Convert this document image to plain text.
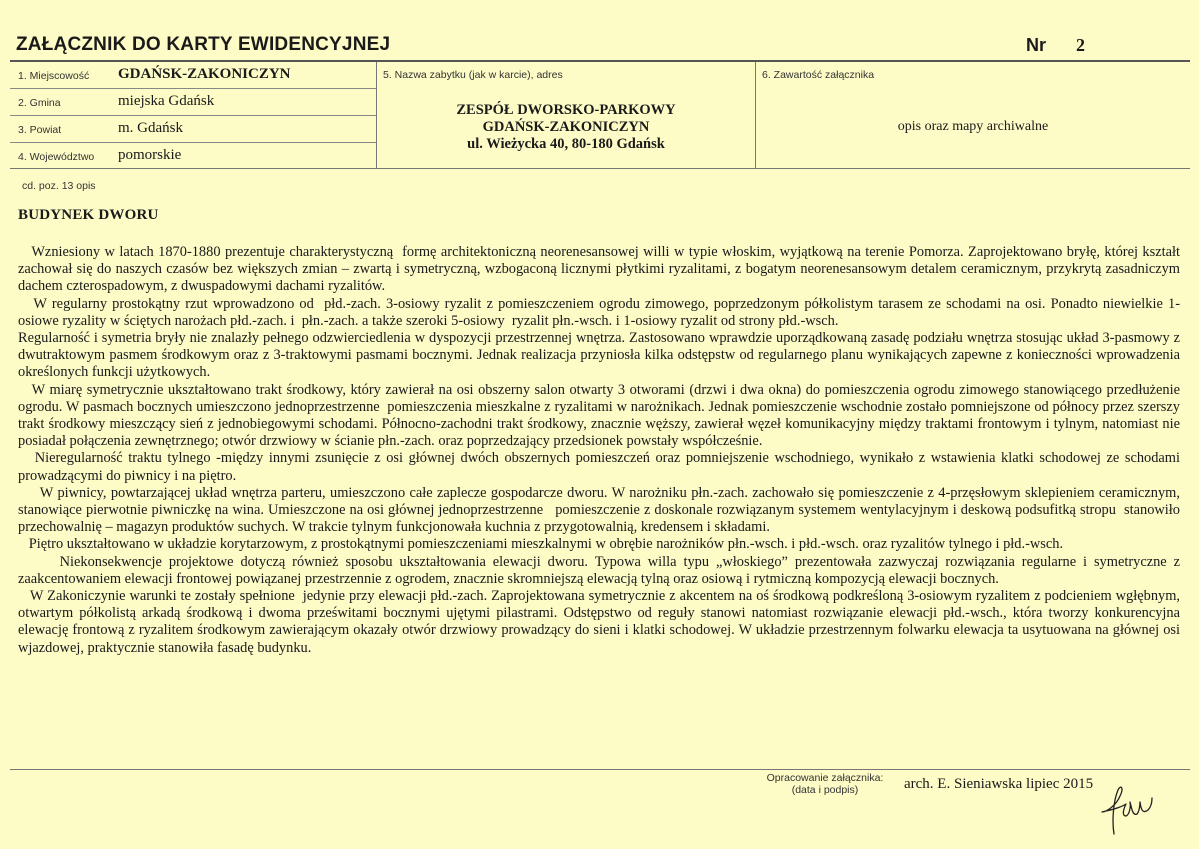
ZAŁĄCZNIK DO KARTY EWIDENCYJNEJ	Nr 2
1. Miejscowość GDAŃSK-ZAKONICZYN
2. Gmina	miejska Gdańsk
3. Powiat	m. Gdańsk
4. Województwo pomorskie
5. Nazwa zabytku (jak w karcie), adres
ZESPÓŁ DWORSKO-PARKOWY
GDAŃSK-ZAKONICZYN
ul. Wieżycka 40, 80-180 Gdańsk
6. Zawartość załącznika
opis oraz mapy archiwalne
cd. poz. 13 opis
BUDYNEK DWORU

Wzniesiony w latach 1870-1880 prezentuje charakterystyczną  formę architektoniczną neorenesansowej willi w typie włoskim, wyjątkową na terenie Pomorza. Zaprojektowano bryłę, której kształt zachował się do naszych czasów bez większych zmian – zwartą i symetryczną, wzbogaconą licznymi płytkimi ryzalitami, z bogatym neorenesansowym detalem ceramicznym, przykrytą zasadniczym dachem czterospadowym, z dwuspadowymi dachami ryzalitów.

W regularny prostokątny rzut wprowadzono od  płd.-zach. 3-osiowy ryzalit z pomieszczeniem ogrodu zimowego, poprzedzonym półkolistym tarasem ze schodami na osi. Ponadto niewielkie 1-osiowe ryzality w ściętych narożach płd.-zach. i  płn.-zach. a także szeroki 5-osiowy  ryzalit płn.-wsch. i 1-osiowy ryzalit od strony płd.-wsch.

Regularność i symetria bryły nie znalazły pełnego odzwierciedlenia w dyspozycji przestrzennej wnętrza. Zastosowano wprawdzie uporządkowaną zasadę podziału wnętrza stosując układ 3-pasmowy z dwutraktowym pasmem środkowym oraz z 3-traktowymi pasmami bocznymi. Jednak realizacja przyniosła kilka odstępstw od regularnego planu wynikających zapewne z konieczności wprowadzenia określonych funkcji użytkowych.

W miarę symetrycznie ukształtowano trakt środkowy, który zawierał na osi obszerny salon otwarty 3 otworami (drzwi i dwa okna) do pomieszczenia ogrodu zimowego stanowiącego przedłużenie ogrodu. W pasmach bocznych umieszczono jednoprzestrzenne  pomieszczenia mieszkalne z ryzalitami w narożnikach. Jednak pomieszczenie wschodnie zostało pomniejszone od północy przez szerszy trakt środkowy mieszczący sień z jednobiegowymi schodami. Północno-zachodni trakt środkowy, znacznie węższy, zawierał węzeł komunikacyjny między traktami frontowym i tylnym, natomiast nie posiadał połączenia zewnętrznego; otwór drzwiowy w ścianie płn.-zach. oraz poprzedzający przedsionek powstały współcześnie.

Nieregularność traktu tylnego -między innymi zsunięcie z osi głównej dwóch obszernych pomieszczeń oraz pomniejszenie wschodniego, wynikało z wstawienia klatki schodowej ze schodami prowadzącymi do piwnicy i na piętro.

W piwnicy, powtarzającej układ wnętrza parteru, umieszczono całe zaplecze gospodarcze dworu. W narożniku płn.-zach. zachowało się pomieszczenie z 4-przęsłowym sklepieniem ceramicznym, stanowiące pierwotnie piwniczkę na wina. Umieszczone na osi głównej jednoprzestrzenne   pomieszczenie z doskonale rozwiązanym systemem wentylacyjnym i deskową podsufitką stropu  stanowiło przechowalnię – magazyn produktów suchych. W trakcie tylnym funkcjonowała kuchnia z przygotowalnią, kredensem i składami.

Piętro ukształtowano w układzie korytarzowym, z prostokątnymi pomieszczeniami mieszkalnymi w obrębie narożników płn.-wsch. i płd.-wsch. oraz ryzalitów tylnego i płd.-wsch.

Niekonsekwencje projektowe dotyczą również sposobu ukształtowania elewacji dworu. Typowa willa typu „włoskiego” prezentowała zazwyczaj rozwiązania regularne i symetryczne z zaakcentowaniem elewacji frontowej powiązanej przestrzennie z ogrodem, znacznie skromniejszą elewacją tylną oraz osiową i rytmiczną kompozycją elewacji bocznych.

W Zakoniczynie warunki te zostały spełnione  jedynie przy elewacji płd.-zach. Zaprojektowana symetrycznie z akcentem na oś środkową podkreśloną 3-osiowym ryzalitem z podcieniem wgłębnym, otwartym półkolistą arkadą środkową i dwoma prześwitami bocznymi ujętymi pilastrami. Odstępstwo od reguły stanowi natomiast rozwiązanie elewacji płd.-wsch., która tworzy konkurencyjna elewację frontową z ryzalitem środkowym zawierającym okazały otwór drzwiowy prowadzący do sieni i klatki schodowej. W układzie przestrzennym folwarku elewacja ta usytuowana na głównej osi wjazdowej, praktycznie stanowiła fasadę budynku.

Opracowanie załącznika:
(data i podpis)	arch. E. Sieniawska lipiec 2015
